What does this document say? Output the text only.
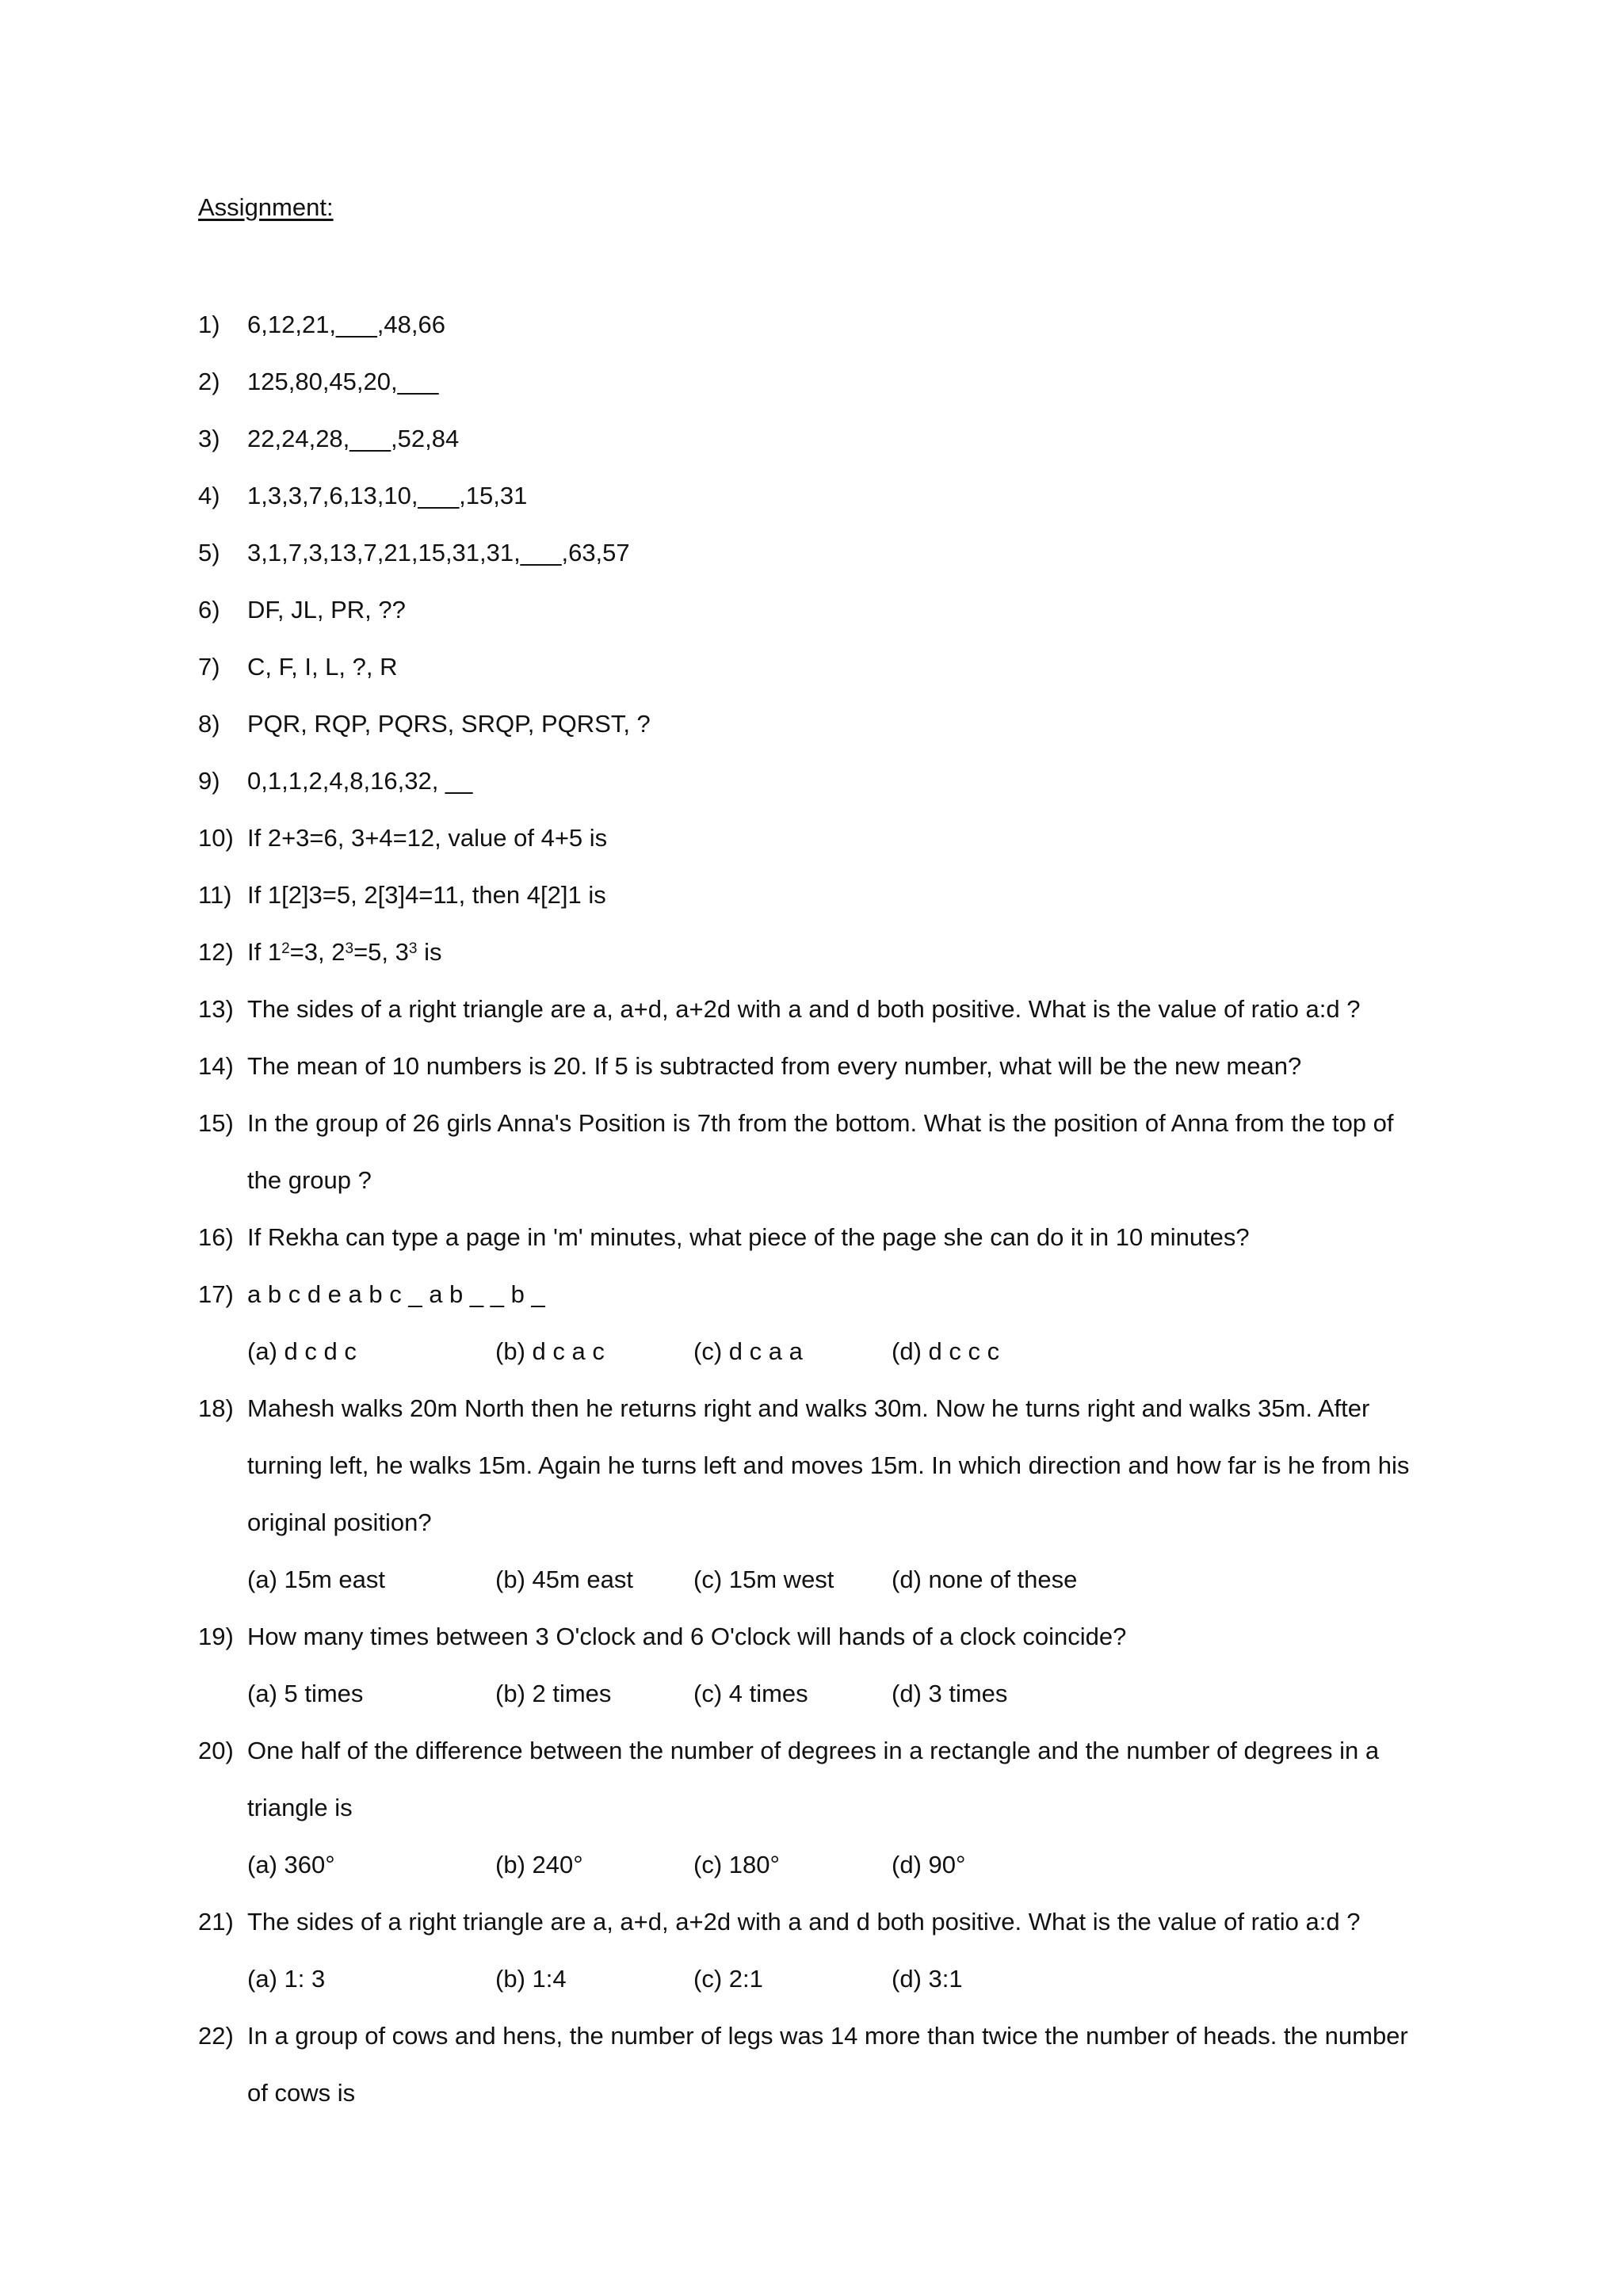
Assignment:
1) 6,12,21,___,48,66
2) 125,80,45,20,___
3) 22,24,28,___,52,84
4) 1,3,3,7,6,13,10,___,15,31
5) 3,1,7,3,13,7,21,15,31,31,___,63,57
6) DF, JL, PR, ??
7) C, F, I, L, ?, R
8) PQR, RQP, PQRS, SRQP, PQRST, ?
9) 0,1,1,2,4,8,16,32, __
10) If 2+3=6, 3+4=12, value of 4+5 is
11) If 1[2]3=5, 2[3]4=11, then 4[2]1 is
12) If $1^2=3$, $2^3=5$, $3^3$ is
13) The sides of a right triangle are a, a+d, a+2d with a and d both positive. What is the value of ratio a:d ?
14) The mean of 10 numbers is 20. If 5 is subtracted from every number, what will be the new mean?
15) In the group of 26 girls Anna's Position is 7th from the bottom. What is the position of Anna from the top of
the group ?
16) If Rekha can type a page in 'm' minutes, what piece of the page she can do it in 10 minutes?
17) a b c d e a b c _ a b _ _ b _
(a) d c d c	(b) d c a c	(c) d c a a	(d) d c c c
18) Mahesh walks 20m North then he returns right and walks 30m. Now he turns right and walks 35m. After
turning left, he walks 15m. Again he turns left and moves 15m. In which direction and how far is he from his
original position?
(a) 15m east	(b) 45m east (c) 15m west (d) none of these
19) How many times between 3 O'clock and 6 O'clock will hands of a clock coincide?
(a) 5 times	(b) 2 times	(c) 4 times	(d) 3 times
20) One half of the difference between the number of degrees in a rectangle and the number of degrees in a
triangle is
(a) 360°	(b) 240°	(c) 180°	(d) 90°
21) The sides of a right triangle are a, a+d, a+2d with a and d both positive. What is the value of ratio a:d ?
(a) 1: 3	(b) 1:4	(c) 2:1	(d) 3:1
22) In a group of cows and hens, the number of legs was 14 more than twice the number of heads. the number
of cows is
